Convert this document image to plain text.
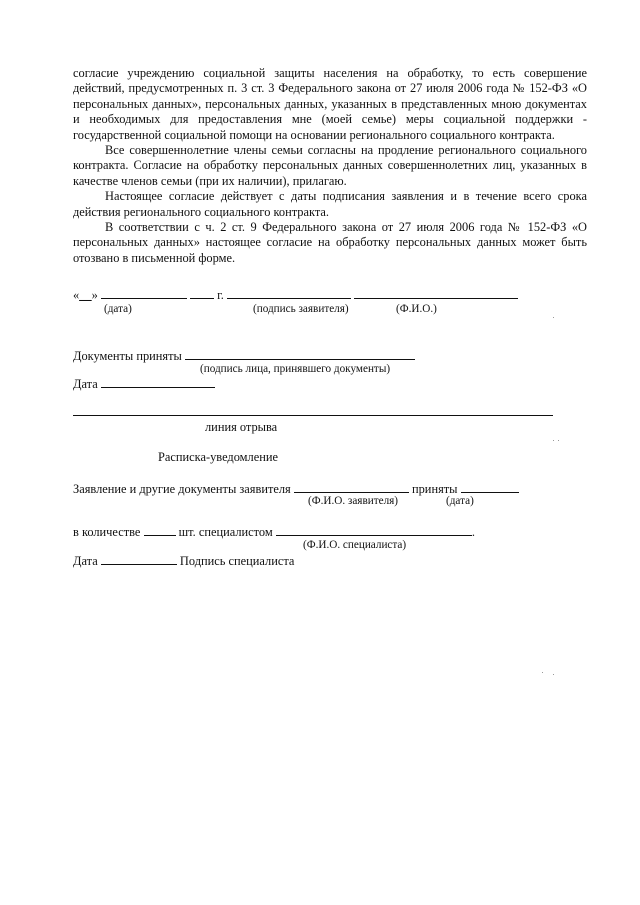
согласие учреждению социальной защиты населения на обработку, то есть совершение действий, предусмотренных п. 3 ст. 3 Федерального закона от 27 июля 2006 года № 152-ФЗ «О персональных данных», персональных данных, указанных в представленных мною документах и необходимых для предоставления мне (моей семье) меры социальной поддержки - государственной социальной помощи на основании регионального социального контракта.

Все совершеннолетние члены семьи согласны на продление регионального социального контракта. Согласие на обработку персональных данных совершеннолетних лиц, указанных в качестве членов семьи (при их наличии), прилагаю.

Настоящее согласие действует с даты подписания заявления и в течение всего срока действия регионального социального контракта.

В соответствии с ч. 2 ст. 9 Федерального закона от 27 июля 2006 года № 152-ФЗ «О персональных данных» настоящее согласие на обработку персональных данных может быть отозвано в письменной форме.

«__»	г.
(дата)	(подпись заявителя)	(Ф.И.О.)
Документы приняты
(подпись лица, принявшего документы)
Дата
линия отрыва
Расписка-уведомление
Заявление и другие документы заявителя	приняты
(Ф.И.О. заявителя)	(дата)
в количестве	шт. специалистом	.
(Ф.И.О. специалиста)
Дата	Подпись специалиста
